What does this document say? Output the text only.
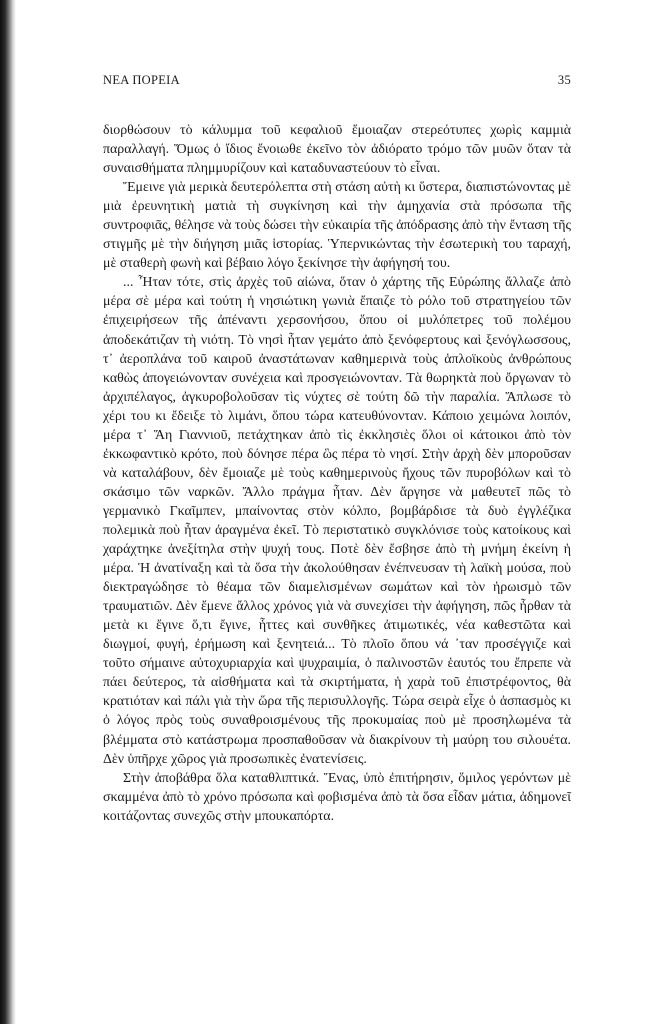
ΝΕΑ ΠΟΡΕΙΑ	35

διορθώσουν τὸ κάλυμμα τοῦ κεφαλιοῦ ἔμοιαζαν στερεότυπες χωρὶς καμμιὰ παραλλαγή. Ὅμως ὁ ἴδιος ἔνοιωθε ἐκεῖνο τὸν ἀδιόρατο τρόμο τῶν μυῶν ὅταν τὰ συναισθήματα πλημμυρίζουν καὶ καταδυναστεύουν τὸ εἶναι.

Ἔμεινε γιὰ μερικὰ δευτερόλεπτα στὴ στάση αὐτὴ κι ὕστερα, διαπιστώνοντας μὲ μιὰ ἐρευνητικὴ ματιὰ τὴ συγκίνηση καὶ τὴν ἀμηχανία στὰ πρόσωπα τῆς συντροφιᾶς, θέλησε νὰ τοὺς δώσει τὴν εὐκαιρία τῆς ἀπόδρασης ἀπὸ τὴν ἔνταση τῆς στιγμῆς μὲ τὴν διήγηση μιᾶς ἱστορίας. Ὑπερνικώντας τὴν ἐσωτερικὴ του ταραχή, μὲ σταθερὴ φωνὴ καὶ βέβαιο λόγο ξεκίνησε τὴν ἀφήγησή του.

... Ἦταν τότε, στὶς ἀρχὲς τοῦ αἰώνα, ὅταν ὁ χάρτης τῆς Εὐρώπης ἄλλαζε ἀπὸ μέρα σὲ μέρα καὶ τούτη ἡ νησιώτικη γωνιὰ ἔπαιζε τὸ ρόλο τοῦ στρατηγείου τῶν ἐπιχειρήσεων τῆς ἀπέναντι χερσονήσου, ὅπου οἱ μυλόπετρες τοῦ πολέμου ἀποδεκάτιζαν τὴ νιότη. Τὸ νησὶ ἦταν γεμάτο ἀπὸ ξενόφερτους καὶ ξενόγλωσσους, τ᾽ ἀεροπλάνα τοῦ καιροῦ ἀναστάτωναν καθημερινὰ τοὺς ἁπλοϊκοὺς ἀνθρώπους καθὼς ἀπογειώνονταν συνέχεια καὶ προσγειώνονταν. Τὰ θωρηκτὰ ποὺ ὄργωναν τὸ ἀρχιπέλαγος, ἀγκυροβολοῦσαν τὶς νύχτες σὲ τούτη δῶ τὴν παραλία. Ἅπλωσε τὸ χέρι του κι ἔδειξε τὸ λιμάνι, ὅπου τώρα κατευθύνονταν. Κάποιο χειμώνα λοιπόν, μέρα τ᾽ Ἅη Γιαννιοῦ, πετάχτηκαν ἀπὸ τὶς ἐκκλησιὲς ὅλοι οἱ κάτοικοι ἀπὸ τὸν ἐκκωφαντικὸ κρότο, ποὺ δόνησε πέρα ὣς πέρα τὸ νησί. Στὴν ἀρχὴ δὲν μποροῦσαν νὰ καταλάβουν, δὲν ἔμοιαζε μὲ τοὺς καθημερινοὺς ἤχους τῶν πυροβόλων καὶ τὸ σκάσιμο τῶν ναρκῶν. Ἄλλο πράγμα ἦταν. Δὲν ἄργησε νὰ μαθευτεῖ πῶς τὸ γερμανικὸ Γκαῖμπεν, μπαίνοντας στὸν κόλπο, βομβάρδισε τὰ δυὸ ἐγγλέζικα πολεμικὰ ποὺ ἦταν ἀραγμένα ἐκεῖ. Τὸ περιστατικὸ συγκλόνισε τοὺς κατοίκους καὶ χαράχτηκε ἀνεξίτηλα στὴν ψυχή τους. Ποτὲ δὲν ἔσβησε ἀπὸ τὴ μνήμη ἐκείνη ἡ μέρα. Ἡ ἀνατίναξη καὶ τὰ ὅσα τὴν ἀκολούθησαν ἐνέπνευσαν τὴ λαϊκὴ μούσα, ποὺ διεκτραγώδησε τὸ θέαμα τῶν διαμελισμένων σωμάτων καὶ τὸν ἡρωισμὸ τῶν τραυματιῶν. Δὲν ἔμενε ἄλλος χρόνος γιὰ νὰ συνεχίσει τὴν ἀφήγηση, πῶς ἦρθαν τὰ μετὰ κι ἔγινε ὅ,τι ἔγινε, ἧττες καὶ συνθῆκες ἀτιμωτικές, νέα καθεστῶτα καὶ διωγμοί, φυγή, ἐρήμωση καὶ ξενητειά... Τὸ πλοῖο ὅπου νά ᾽ταν προσέγγιζε καὶ τοῦτο σήμαινε αὐτοχυριαρχία καὶ ψυχραιμία, ὁ παλινοστῶν ἑαυτός του ἔπρεπε νὰ πάει δεύτερος, τὰ αἰσθήματα καὶ τὰ σκιρτήματα, ἡ χαρὰ τοῦ ἐπιστρέφοντος, θὰ κρατιόταν καὶ πάλι γιὰ τὴν ὥρα τῆς περισυλλογῆς. Τώρα σειρὰ εἶχε ὁ ἀσπασμὸς κι ὁ λόγος πρὸς τοὺς συναθροισμένους τῆς προκυμαίας ποὺ μὲ προσηλωμένα τὰ βλέμματα στὸ κατάστρωμα προσπαθοῦσαν νὰ διακρίνουν τὴ μαύρη του σιλουέτα. Δὲν ὑπῆρχε χῶρος γιὰ προσωπικὲς ἐνατενίσεις.

Στὴν ἀποβάθρα ὅλα καταθλιπτικά. Ἕνας, ὑπὸ ἐπιτήρησιν, ὅμιλος γερόντων μὲ σκαμμένα ἀπὸ τὸ χρόνο πρόσωπα καὶ φοβισμένα ἀπὸ τὰ ὅσα εἶδαν μάτια, ἀδημονεῖ κοιτάζοντας συνεχῶς στὴν μπουκαπόρτα.
